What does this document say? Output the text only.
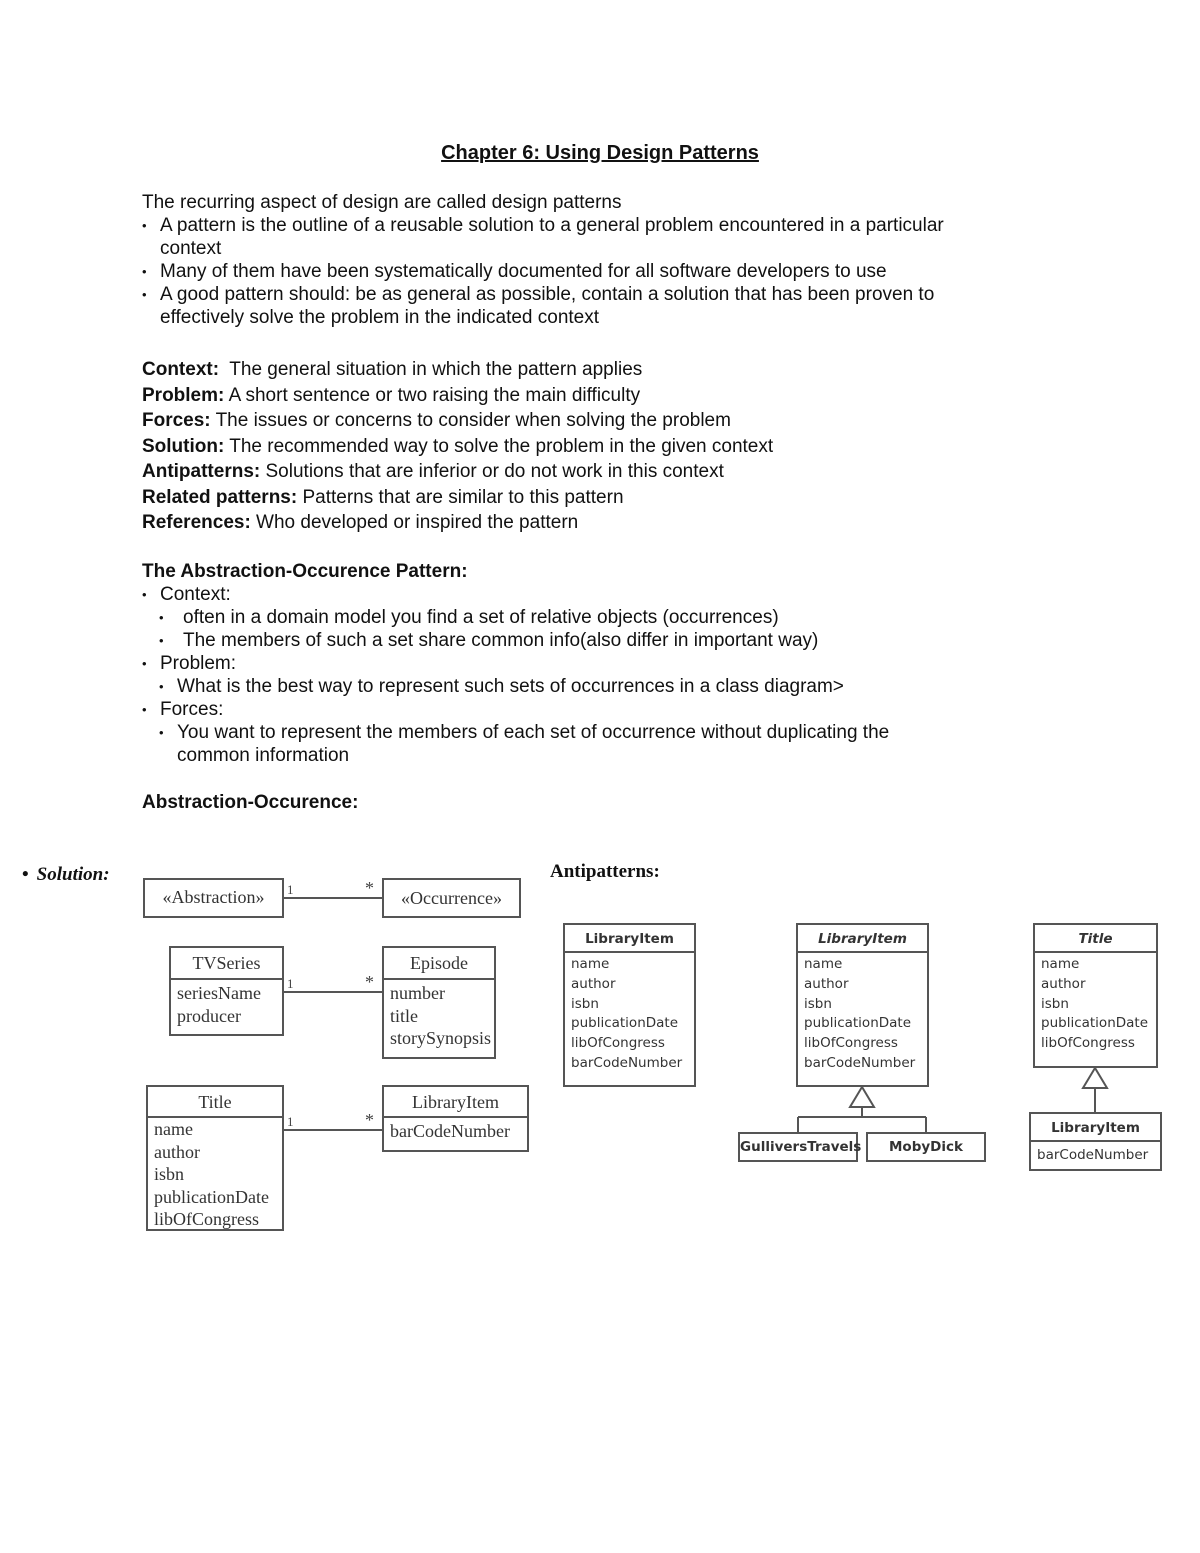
Chapter 6: Using Design Patterns
The recurring aspect of design are called design patterns
• A pattern is the outline of a reusable solution to a general problem encountered in a particular
context
• Many of them have been systematically documented for all software developers to use
• A good pattern should: be as general as possible, contain a solution that has been proven to
effectively solve the problem in the indicated context
Context:  The general situation in which the pattern applies
Problem: A short sentence or two raising the main difficulty
Forces: The issues or concerns to consider when solving the problem
Solution: The recommended way to solve the problem in the given context
Antipatterns: Solutions that are inferior or do not work in this context
Related patterns: Patterns that are similar to this pattern
References: Who developed or inspired the pattern
The Abstraction-Occurence Pattern:
• Context:
• often in a domain model you find a set of relative objects (occurrences)
• The members of such a set share common info(also differ in important way)
• Problem:
• What is the best way to represent such sets of occurrences in a class diagram>
• Forces:
• You want to represent the members of each set of occurrence without duplicating the
common information
Abstraction-Occurence:
• Solution:	Antipatterns:
1	*
1	*
1	*
«Abstraction»	«Occurrence»
TVSeries
seriesName
producer
Episode
number
title
storySynopsis
Title
name
author
isbn
publicationDate
libOfCongress
LibraryItem
barCodeNumber
LibraryItem
name
author
isbn
publicationDate
libOfCongress
barCodeNumber
LibraryItem
name
author
isbn
publicationDate
libOfCongress
barCodeNumber
GulliversTravels	MobyDick
Title
name
author
isbn
publicationDate
libOfCongress
LibraryItem
barCodeNumber
